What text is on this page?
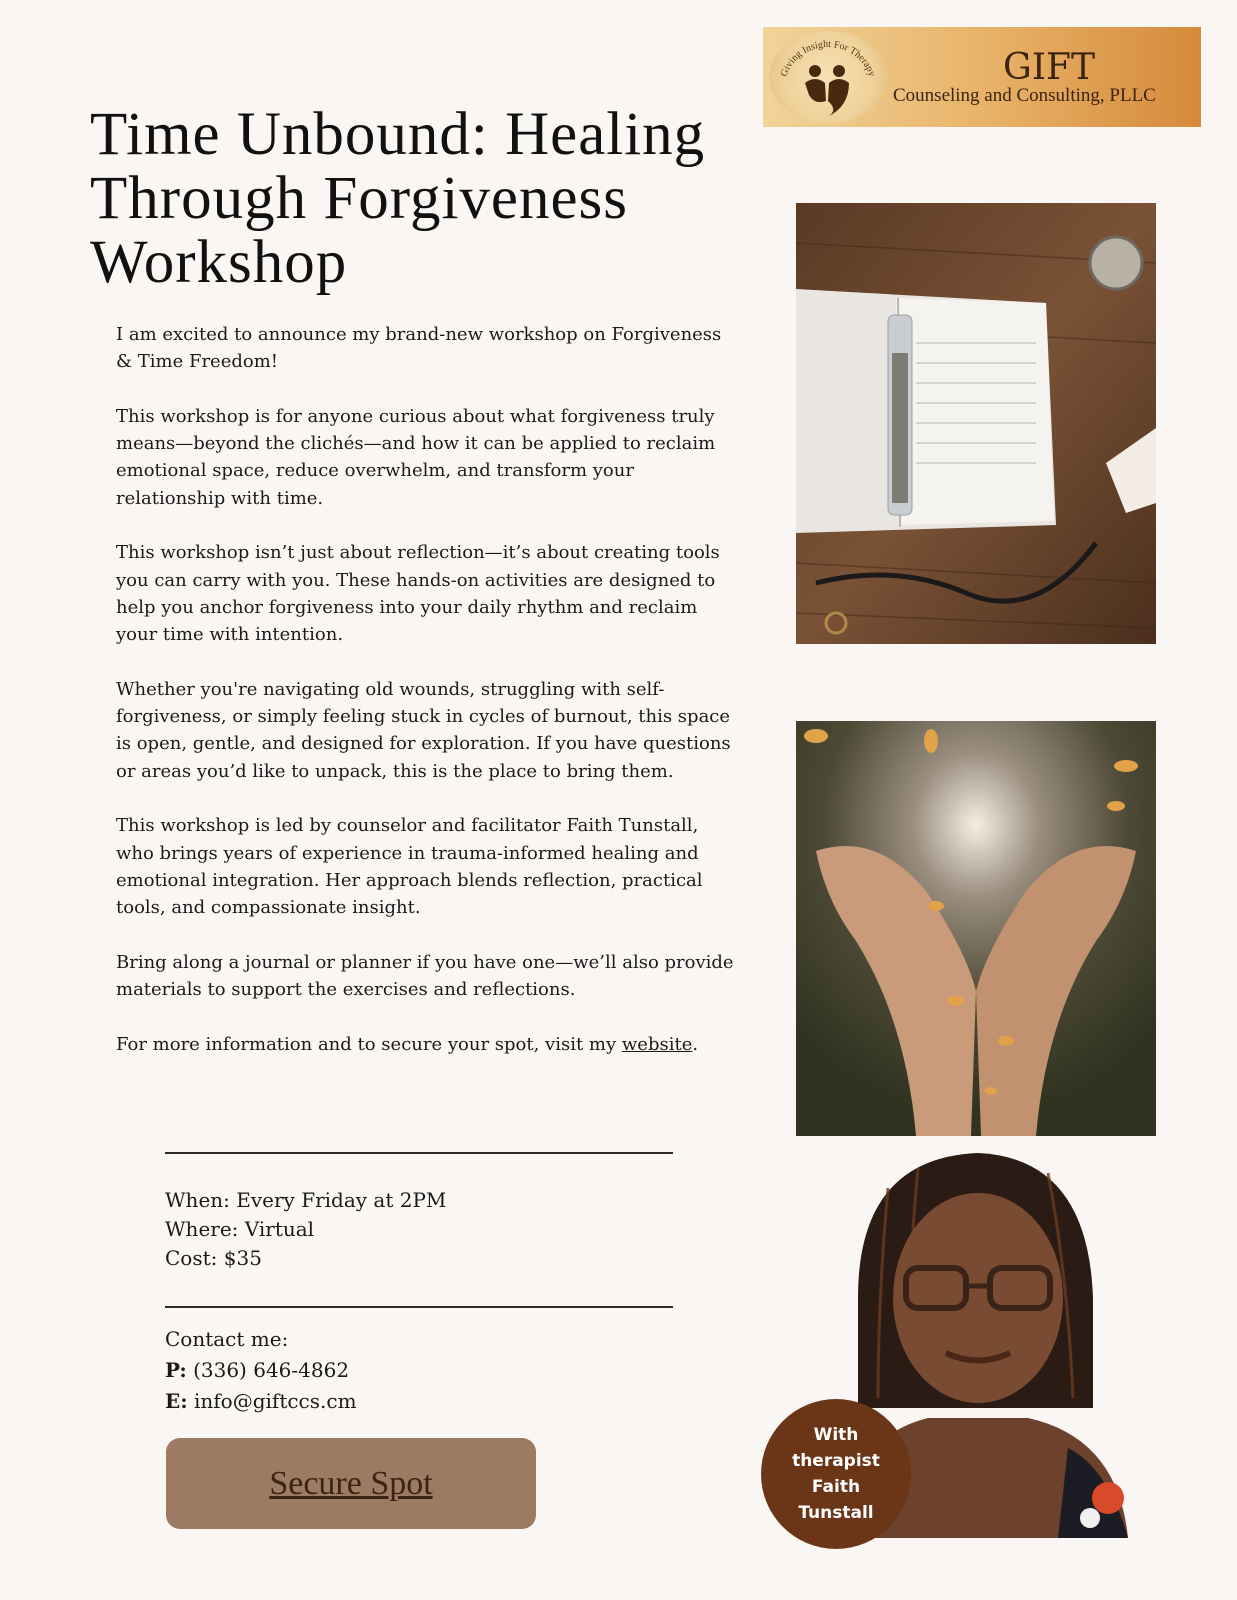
Giving Insight For Therapy	GIFT
Counseling and Consulting, PLLC
Time Unbound: Healing Through Forgiveness Workshop

I am excited to announce my brand-new workshop on Forgiveness & Time Freedom!

This workshop is for anyone curious about what forgiveness truly means—beyond the clichés—and how it can be applied to reclaim emotional space, reduce overwhelm, and transform your relationship with time.

This workshop isn’t just about reflection—it’s about creating tools you can carry with you. These hands-on activities are designed to help you anchor forgiveness into your daily rhythm and reclaim your time with intention.

Whether you're navigating old wounds, struggling with self-forgiveness, or simply feeling stuck in cycles of burnout, this space is open, gentle, and designed for exploration. If you have questions or areas you’d like to unpack, this is the place to bring them.

This workshop is led by counselor and facilitator Faith Tunstall, who brings years of experience in trauma-informed healing and emotional integration. Her approach blends reflection, practical tools, and compassionate insight.

Bring along a journal or planner if you have one—we’ll also provide materials to support the exercises and reflections.

For more information and to secure your spot, visit my website.

When: Every Friday at 2PM
Where: Virtual
Cost: $35
Contact me:
P: (336) 646-4862
E: info@giftccs.cm
Secure Spot
With
therapist
Faith
Tunstall
